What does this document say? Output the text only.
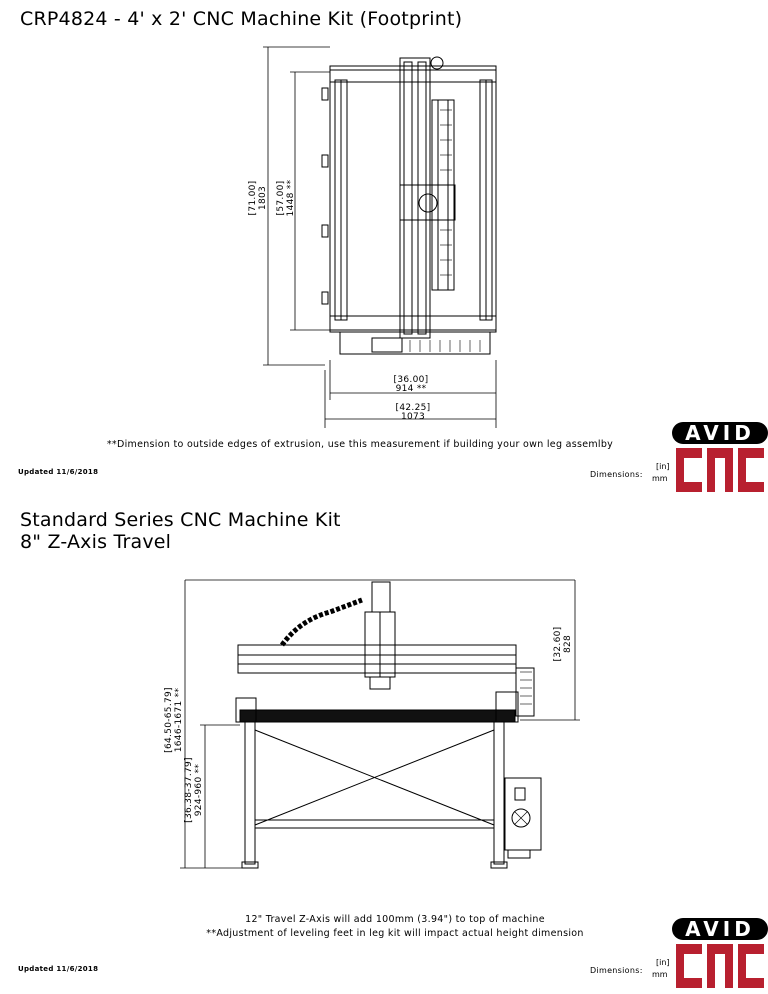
CRP4824 - 4' x 2' CNC Machine Kit (Footprint)
[71.00] 1803 [57.00] 1448 **
[36.00]
914 **
[42.25]
1073
**Dimension to outside edges of extrusion, use this measurement if building your own leg assemlby
Updated 11/6/2018	Dimensions:
[in]
mm
AVID
Standard Series CNC Machine Kit
8" Z-Axis Travel
[32.60] 828
[64.50-65.79] 1646-1671 **
[36.38-37.79] 924-960 **
12" Travel Z-Axis will add 100mm (3.94") to top of machine
**Adjustment of leveling feet in leg kit will impact actual height dimension
Updated 11/6/2018	Dimensions:
[in]
mm
AVID
